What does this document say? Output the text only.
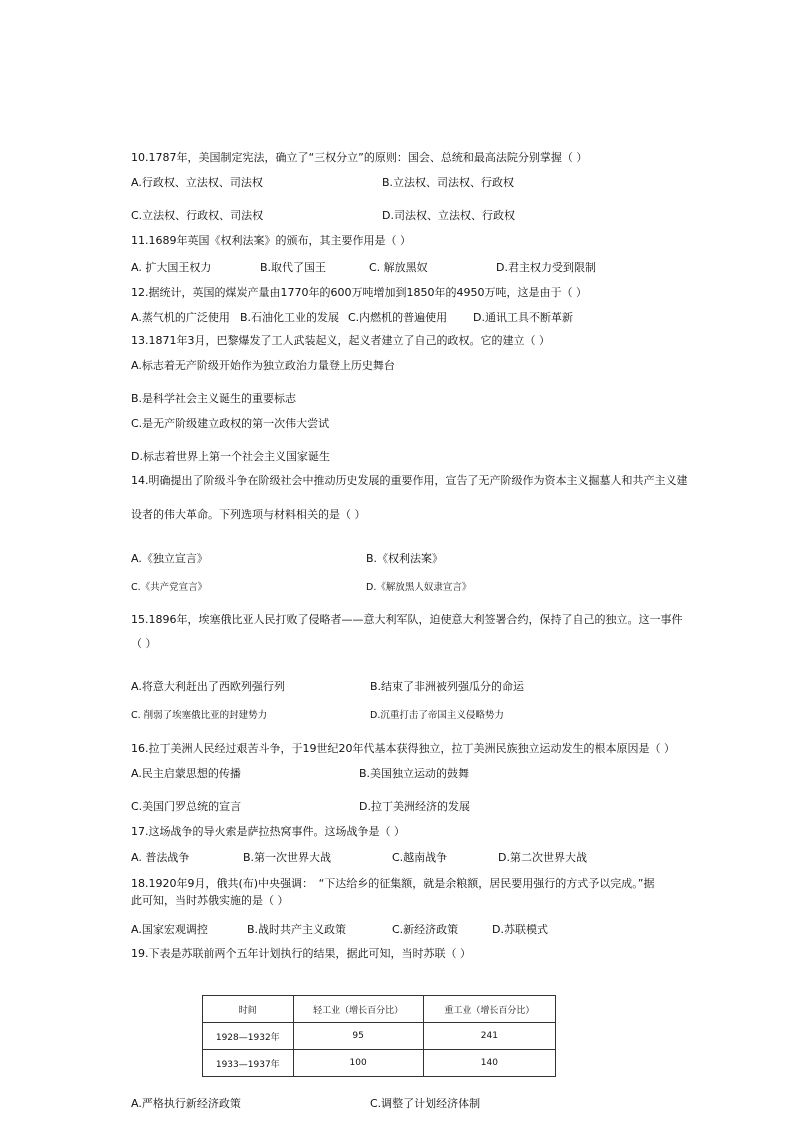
10.1787年，美国制定宪法，确立了“三权分立”的原则：国会、总统和最高法院分别掌握（ ）
A.行政权、立法权、司法权	B.立法权、司法权、行政权
C.立法权、行政权、司法权	D.司法权、立法权、行政权
11.1689年英国《权利法案》的颁布，其主要作用是（ ）
A. 扩大国王权力	B.取代了国王	C. 解放黑奴	D.君主权力受到限制
12.据统计，英国的煤炭产量由1770年的600万吨增加到1850年的4950万吨，这是由于（ ）
A.蒸气机的广泛使用 B.石油化工业的发展 C.内燃机的普遍使用 D.通讯工具不断革新
13.1871年3月，巴黎爆发了工人武装起义，起义者建立了自己的政权。它的建立（ ）
A.标志着无产阶级开始作为独立政治力量登上历史舞台
B.是科学社会主义诞生的重要标志
C.是无产阶级建立政权的第一次伟大尝试
D.标志着世界上第一个社会主义国家诞生
14.明确提出了阶级斗争在阶级社会中推动历史发展的重要作用，宣告了无产阶级作为资本主义掘墓人和共产主义建
设者的伟大革命。下列选项与材料相关的是（ ）
A.《独立宣言》	B.《权利法案》
C.《共产党宣言》	D.《解放黑人奴隶宣言》
15.1896年，埃塞俄比亚人民打败了侵略者——意大利军队，迫使意大利签署合约，保持了自己的独立。这一事件
（ ）
A.将意大利赶出了西欧列强行列	B.结束了非洲被列强瓜分的命运
C. 削弱了埃塞俄比亚的封建势力	D.沉重打击了帝国主义侵略势力
16.拉丁美洲人民经过艰苦斗争，于19世纪20年代基本获得独立，拉丁美洲民族独立运动发生的根本原因是（ ）
A.民主启蒙思想的传播	B.美国独立运动的鼓舞
C.美国门罗总统的宣言	D.拉丁美洲经济的发展
17.这场战争的导火索是萨拉热窝事件。这场战争是（ ）
A. 普法战争	B.第一次世界大战	C.越南战争	D.第二次世界大战
18.1920年9月，俄共(布)中央强调：　“下达给乡的征集额，就是余粮额，居民要用强行的方式予以完成。”据
此可知，当时苏俄实施的是（ ）
A.国家宏观调控	B.战时共产主义政策	C.新经济政策	D.苏联模式
19.下表是苏联前两个五年计划执行的结果，据此可知，当时苏联（ ）
时间	轻工业（增长百分比）	重工业（增长百分比）
1928—1932年	95	241
1933—1937年	100	140
A.严格执行新经济政策	C.调整了计划经济体制
